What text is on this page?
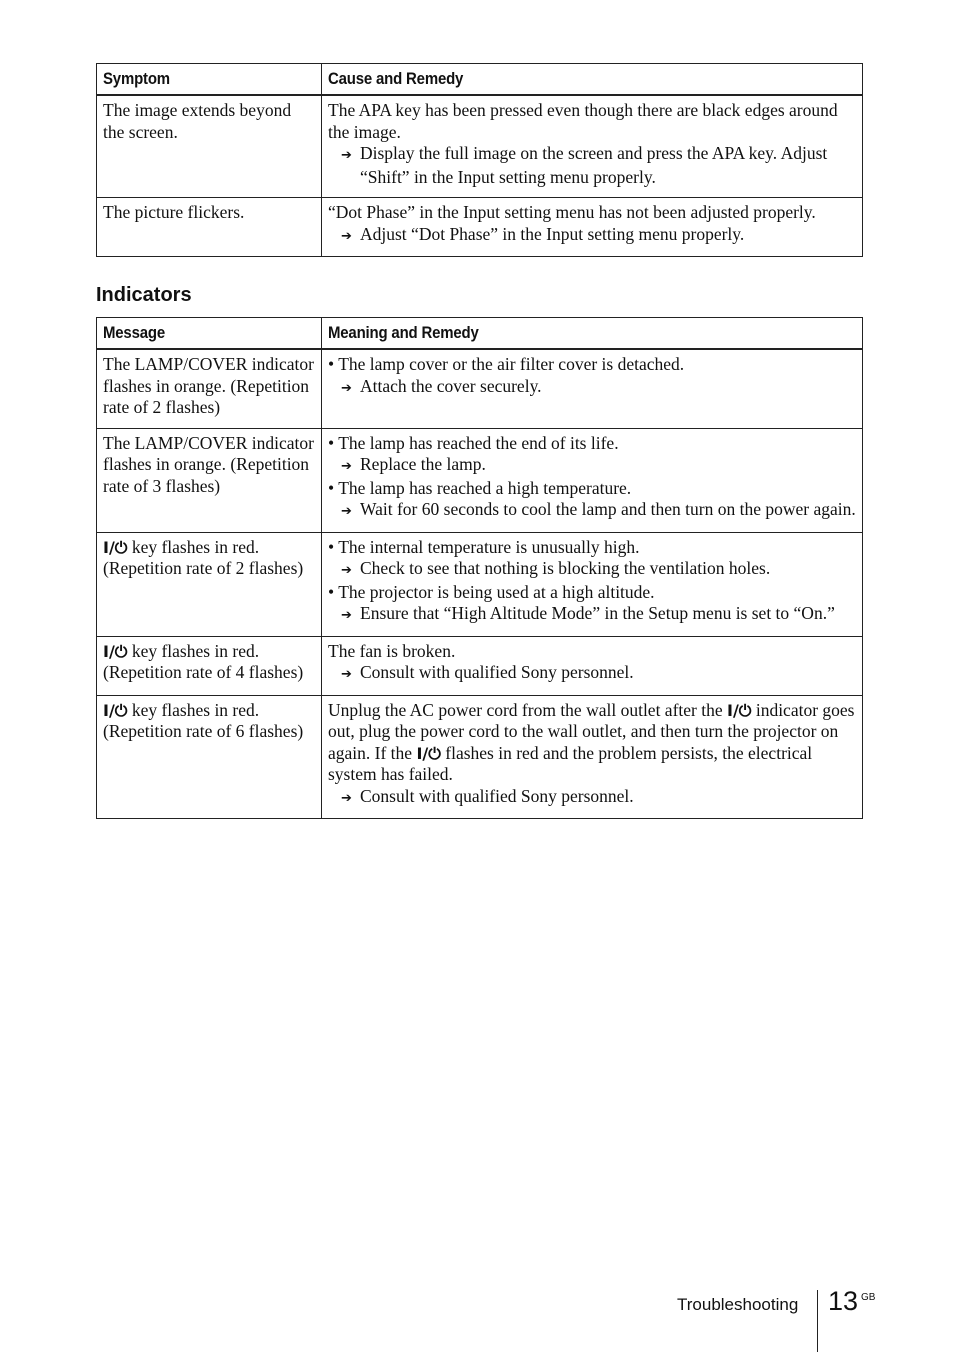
Symptom	Cause and Remedy
The image extends beyond the screen.	The APA key has been pressed even though there are black edges around the image.
➔ Display the full image on the screen and press the APA key. Adjust “Shift” in the Input setting menu properly.

The picture flickers.	“Dot Phase” in the Input setting menu has not been adjusted properly.
➔ Adjust “Dot Phase” in the Input setting menu properly.
Indicators
Message	Meaning and Remedy
The LAMP/COVER indicator flashes in orange. (Repetition rate of 2 flashes)	• The lamp cover or the air filter cover is detached.
➔ Attach the cover securely.

The LAMP/COVER indicator flashes in orange. (Repetition rate of 3 flashes)	• The lamp has reached the end of its life.
➔ Replace the lamp.
• The lamp has reached a high temperature.
➔ Wait for 60 seconds to cool the lamp and then turn on the power again.

I/⏻ key flashes in red.
(Repetition rate of 2 flashes)	• The internal temperature is unusually high.
➔ Check to see that nothing is blocking the ventilation holes.
• The projector is being used at a high altitude.
➔ Ensure that “High Altitude Mode” in the Setup menu is set to “On.”

I/⏻ key flashes in red.
(Repetition rate of 4 flashes)	The fan is broken.
➔ Consult with qualified Sony personnel.

I/⏻ key flashes in red.
(Repetition rate of 6 flashes)	Unplug the AC power cord from the wall outlet after the I/⏻ indicator goes out, plug the power cord to the wall outlet, and then turn the projector on again. If the I/⏻ flashes in red and the problem persists, the electrical system has failed.
➔ Consult with qualified Sony personnel.
Troubleshooting 13 GB
